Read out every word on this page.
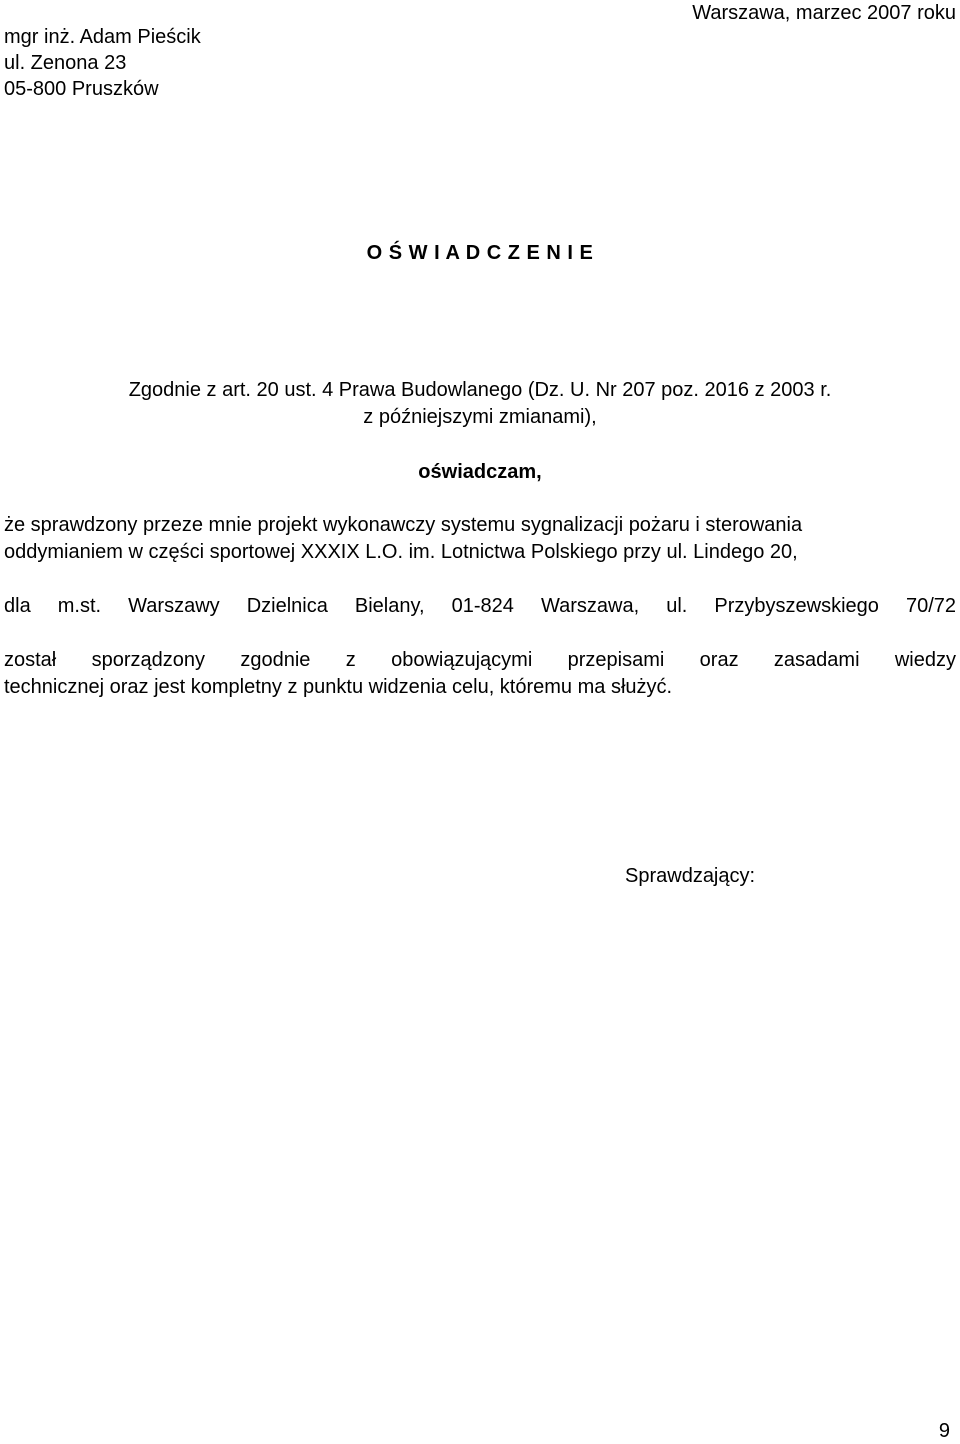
mgr inż. Adam Pieścik
ul. Zenona 23
05-800 Pruszków
Warszawa, marzec 2007 roku
O Ś W I A D C Z E N I E
Zgodnie z art. 20 ust. 4 Prawa Budowlanego (Dz. U. Nr 207 poz. 2016 z 2003 r.
z późniejszymi zmianami),
oświadczam,
że sprawdzony przeze mnie projekt wykonawczy systemu sygnalizacji pożaru i sterowania
oddymianiem w części sportowej XXXIX L.O. im. Lotnictwa Polskiego przy ul. Lindego 20,
dla m.st. Warszawy Dzielnica Bielany, 01-824 Warszawa, ul. Przybyszewskiego 70/72
został sporządzony zgodnie z obowiązującymi przepisami oraz zasadami wiedzy
technicznej oraz jest kompletny z punktu widzenia celu, któremu ma służyć.
Sprawdzający:
9
